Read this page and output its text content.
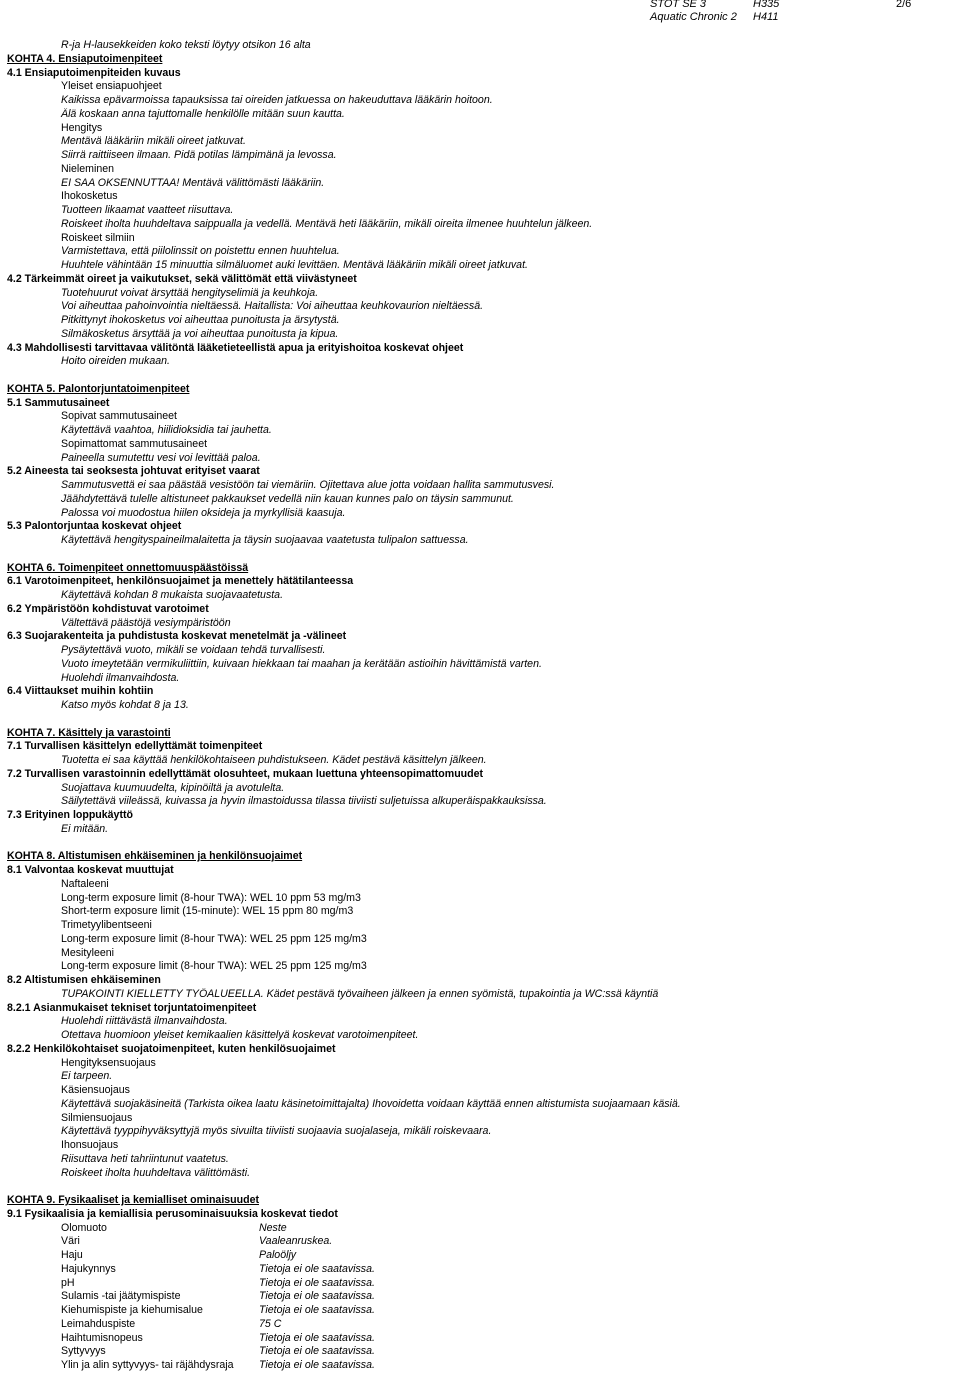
STOT SE 3	H335
Aquatic Chronic 2 H411
2/6
R-ja H-lausekkeiden koko teksti löytyy otsikon 16 alta
KOHTA 4. Ensiaputoimenpiteet
4.1 Ensiaputoimenpiteiden kuvaus
Yleiset ensiapuohjeet
Kaikissa epävarmoissa tapauksissa tai oireiden jatkuessa on hakeuduttava lääkärin hoitoon.
Älä koskaan anna tajuttomalle henkilölle mitään suun kautta.
Hengitys
Mentävä lääkäriin mikäli oireet jatkuvat.
Siirrä raittiiseen ilmaan. Pidä potilas lämpimänä ja levossa.
Nieleminen
EI SAA OKSENNUTTAA! Mentävä välittömästi lääkäriin.
Ihokosketus
Tuotteen likaamat vaatteet riisuttava.
Roiskeet iholta huuhdeltava saippualla ja vedellä. Mentävä heti lääkäriin, mikäli oireita ilmenee huuhtelun jälkeen.
Roiskeet silmiin
Varmistettava, että piilolinssit on poistettu ennen huuhtelua.
Huuhtele vähintään 15 minuuttia silmäluomet auki levittäen. Mentävä lääkäriin mikäli oireet jatkuvat.
4.2 Tärkeimmät oireet ja vaikutukset, sekä välittömät että viivästyneet
Tuotehuurut voivat ärsyttää hengityselimiä ja keuhkoja.
Voi aiheuttaa pahoinvointia nieltäessä. Haitallista: Voi aiheuttaa keuhkovaurion nieltäessä.
Pitkittynyt ihokosketus voi aiheuttaa punoitusta ja ärsytystä.
Silmäkosketus ärsyttää ja voi aiheuttaa punoitusta ja kipua.
4.3 Mahdollisesti tarvittavaa välitöntä lääketieteellistä apua ja erityishoitoa koskevat ohjeet
Hoito oireiden mukaan.
KOHTA 5. Palontorjuntatoimenpiteet
5.1 Sammutusaineet
Sopivat sammutusaineet
Käytettävä vaahtoa, hiilidioksidia tai jauhetta.
Sopimattomat sammutusaineet
Paineella sumutettu vesi voi levittää paloa.
5.2 Aineesta tai seoksesta johtuvat erityiset vaarat
Sammutusvettä ei saa päästää vesistöön tai viemäriin. Ojitettava alue jotta voidaan hallita sammutusvesi.
Jäähdytettävä tulelle altistuneet pakkaukset vedellä niin kauan kunnes palo on täysin sammunut.
Palossa voi muodostua hiilen oksideja ja myrkyllisiä kaasuja.
5.3 Palontorjuntaa koskevat ohjeet
Käytettävä hengityspaineilmalaitetta ja täysin suojaavaa vaatetusta tulipalon sattuessa.
KOHTA 6. Toimenpiteet onnettomuuspäästöissä
6.1 Varotoimenpiteet, henkilönsuojaimet ja menettely hätätilanteessa
Käytettävä kohdan 8 mukaista suojavaatetusta.
6.2 Ympäristöön kohdistuvat varotoimet
Vältettävä päästöjä vesiympäristöön
6.3 Suojarakenteita ja puhdistusta koskevat menetelmät ja -välineet
Pysäytettävä vuoto, mikäli se voidaan tehdä turvallisesti.
Vuoto imeytetään vermikuliittiin, kuivaan hiekkaan tai maahan ja kerätään astioihin hävittämistä varten.
Huolehdi ilmanvaihdosta.
6.4 Viittaukset muihin kohtiin
Katso myös kohdat 8 ja 13.
KOHTA 7. Käsittely ja varastointi
7.1 Turvallisen käsittelyn edellyttämät toimenpiteet
Tuotetta ei saa käyttää henkilökohtaiseen puhdistukseen. Kädet pestävä käsittelyn jälkeen.
7.2 Turvallisen varastoinnin edellyttämät olosuhteet, mukaan luettuna yhteensopimattomuudet
Suojattava kuumuudelta, kipinöiltä ja avotulelta.
Säilytettävä viileässä, kuivassa ja hyvin ilmastoidussa tilassa tiiviisti suljetuissa alkuperäispakkauksissa.
7.3 Erityinen loppukäyttö
Ei mitään.
KOHTA 8. Altistumisen ehkäiseminen ja henkilönsuojaimet
8.1 Valvontaa koskevat muuttujat
Naftaleeni
Long-term exposure limit (8-hour TWA): WEL 10 ppm 53 mg/m3
Short-term exposure limit (15-minute): WEL 15 ppm 80 mg/m3
Trimetyylibentseeni
Long-term exposure limit (8-hour TWA): WEL 25 ppm 125 mg/m3
Mesityleeni
Long-term exposure limit (8-hour TWA): WEL 25 ppm 125 mg/m3
8.2 Altistumisen ehkäiseminen
TUPAKOINTI KIELLETTY TYÖALUEELLA. Kädet pestävä työvaiheen jälkeen ja ennen syömistä, tupakointia ja WC:ssä käyntiä
8.2.1 Asianmukaiset tekniset torjuntatoimenpiteet
Huolehdi riittävästä ilmanvaihdosta.
Otettava huomioon yleiset kemikaalien käsittelyä koskevat varotoimenpiteet.
8.2.2 Henkilökohtaiset suojatoimenpiteet, kuten henkilösuojaimet
Hengityksensuojaus
Ei tarpeen.
Käsiensuojaus
Käytettävä suojakäsineitä (Tarkista oikea laatu käsinetoimittajalta) Ihovoidetta voidaan käyttää ennen altistumista suojaamaan käsiä.
Silmiensuojaus
Käytettävä tyyppihyväksyttyjä myös sivuilta tiiviisti suojaavia suojalaseja, mikäli roiskevaara.
Ihonsuojaus
Riisuttava heti tahriintunut vaatetus.
Roiskeet iholta huuhdeltava välittömästi.
KOHTA 9. Fysikaaliset ja kemialliset ominaisuudet
9.1 Fysikaalisia ja kemiallisia perusominaisuuksia koskevat tiedot
Olomuoto	Neste
Väri	Vaaleanruskea.
Haju	Paloöljy
Hajukynnys	Tietoja ei ole saatavissa.
pH	Tietoja ei ole saatavissa.
Sulamis -tai jäätymispiste	Tietoja ei ole saatavissa.
Kiehumispiste ja kiehumisalue	Tietoja ei ole saatavissa.
Leimahduspiste	75 C
Haihtumisnopeus	Tietoja ei ole saatavissa.
Syttyvyys	Tietoja ei ole saatavissa.
Ylin ja alin syttyvyys- tai räjähdysraja	Tietoja ei ole saatavissa.
